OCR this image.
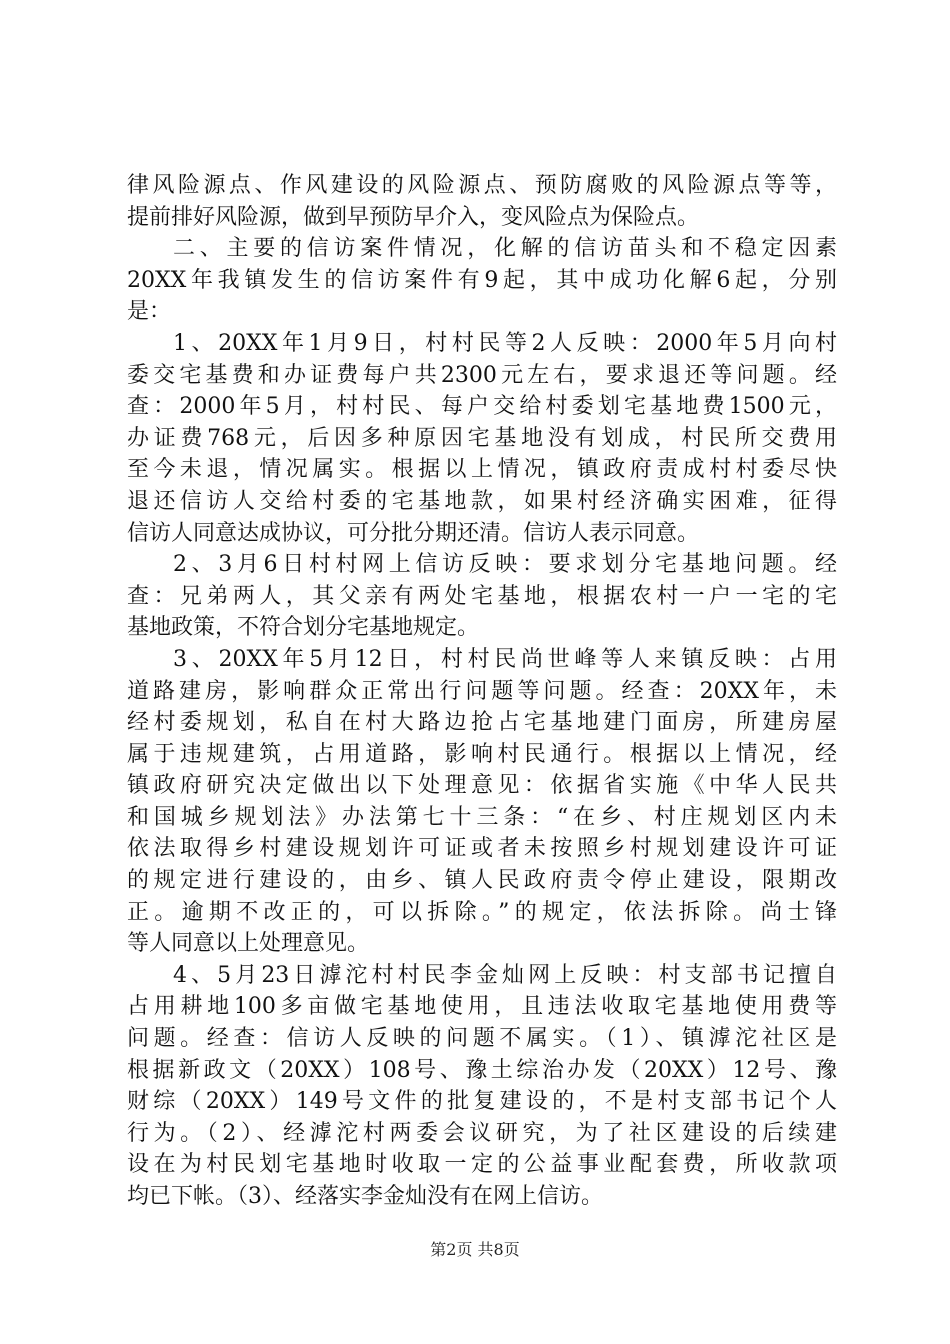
律风险源点、作风建设的风险源点、预防腐败的风险源点等等，
提前排好风险源，做到早预防早介入，变风险点为保险点。
二、主要的信访案件情况，化解的信访苗头和不稳定因素
20XX年我镇发生的信访案件有9起，其中成功化解6起，分别
是：
1、20XX年1月9日，村村民等2人反映：2000年5月向村
委交宅基费和办证费每户共2300元左右，要求退还等问题。经
查：2000年5月，村村民、每户交给村委划宅基地费1500元，
办证费768元，后因多种原因宅基地没有划成，村民所交费用
至今未退，情况属实。根据以上情况，镇政府责成村村委尽快
退还信访人交给村委的宅基地款，如果村经济确实困难，征得
信访人同意达成协议，可分批分期还清。信访人表示同意。
2、3月6日村村网上信访反映：要求划分宅基地问题。经
查：兄弟两人，其父亲有两处宅基地，根据农村一户一宅的宅
基地政策，不符合划分宅基地规定。
3、20XX年5月12日，村村民尚世峰等人来镇反映：占用
道路建房，影响群众正常出行问题等问题。经查：20XX年，未
经村委规划，私自在村大路边抢占宅基地建门面房，所建房屋
属于违规建筑，占用道路，影响村民通行。根据以上情况，经
镇政府研究决定做出以下处理意见：依据省实施《中华人民共
和国城乡规划法》办法第七十三条：“在乡、村庄规划区内未
依法取得乡村建设规划许可证或者未按照乡村规划建设许可证
的规定进行建设的，由乡、镇人民政府责令停止建设，限期改
正。逾期不改正的，可以拆除。”的规定，依法拆除。尚士锋
等人同意以上处理意见。
4、5月23日滹沱村村民李金灿网上反映：村支部书记擅自
占用耕地100多亩做宅基地使用，且违法收取宅基地使用费等
问题。经查：信访人反映的问题不属实。（1）、镇滹沱社区是
根据新政文（20XX）108号、豫土综治办发（20XX）12号、豫
财综（20XX）149号文件的批复建设的，不是村支部书记个人
行为。（2）、经滹沱村两委会议研究，为了社区建设的后续建
设在为村民划宅基地时收取一定的公益事业配套费，所收款项
均已下帐。（3）、经落实李金灿没有在网上信访。
第2页 共8页
